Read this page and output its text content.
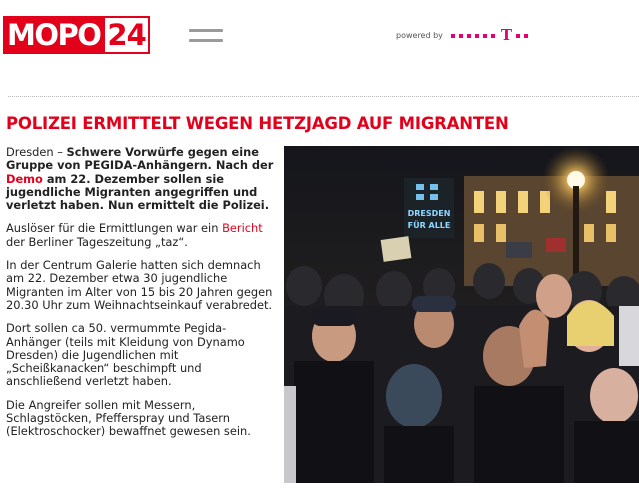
MOPO 24	powered by	T
POLIZEI ERMITTELT WEGEN HETZJAGD AUF MIGRANTEN

Dresden – Schwere Vorwürfe gegen eine Gruppe von PEGIDA-Anhängern. Nach der Demo am 22. Dezember sollen sie jugendliche Migranten angegriffen und verletzt haben. Nun ermittelt die Polizei.

Auslöser für die Ermittlungen war ein Bericht der Berliner Tageszeitung „taz“.

In der Centrum Galerie hatten sich demnach am 22. Dezember etwa 30 jugendliche Migranten im Alter von 15 bis 20 Jahren gegen 20.30 Uhr zum Weihnachtseinkauf verabredet.

Dort sollen ca 50. vermummte Pegida-Anhänger (teils mit Kleidung von Dynamo Dresden) die Jugendlichen mit „Scheißkanacken“ beschimpft und anschließend verletzt haben.

Die Angreifer sollen mit Messern, Schlagstöcken, Pfefferspray und Tasern (Elektroschocker) bewaffnet gewesen sein.

DRESDEN
FÜR ALLE
